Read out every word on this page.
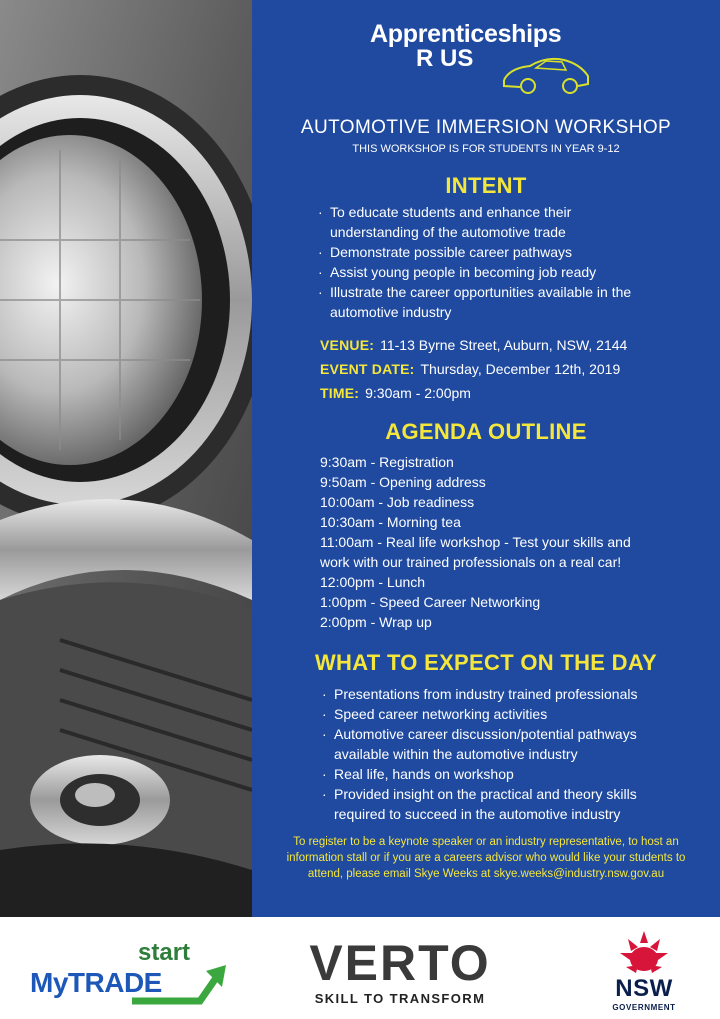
Apprenticeships
R US
AUTOMOTIVE IMMERSION WORKSHOP
THIS WORKSHOP IS FOR STUDENTS IN YEAR 9-12
INTENT
· To educate students and enhance their understanding of the automotive trade
· Demonstrate possible career pathways
· Assist young people in becoming job ready
· Illustrate the career opportunities available in the automotive industry
VENUE: 11-13 Byrne Street, Auburn, NSW, 2144
EVENT DATE: Thursday, December 12th, 2019
TIME: 9:30am - 2:00pm
AGENDA OUTLINE
9:30am - Registration
9:50am - Opening address
10:00am - Job readiness
10:30am - Morning tea
11:00am - Real life workshop - Test your skills and work with our trained professionals on a real car!
12:00pm - Lunch
1:00pm - Speed Career Networking
2:00pm - Wrap up
WHAT TO EXPECT ON THE DAY
· Presentations from industry trained professionals
· Speed career networking activities
· Automotive career discussion/potential pathways available within the automotive industry
· Real life, hands on workshop
· Provided insight on the practical and theory skills required to succeed in the automotive industry
To register to be a keynote speaker or an industry representative, to host an information stall or if you are a careers advisor who would like your students to attend, please email Skye Weeks at skye.weeks@industry.nsw.gov.au
start
MyTRADE	VERTO
SKILL TO TRANSFORM	NSW
GOVERNMENT
